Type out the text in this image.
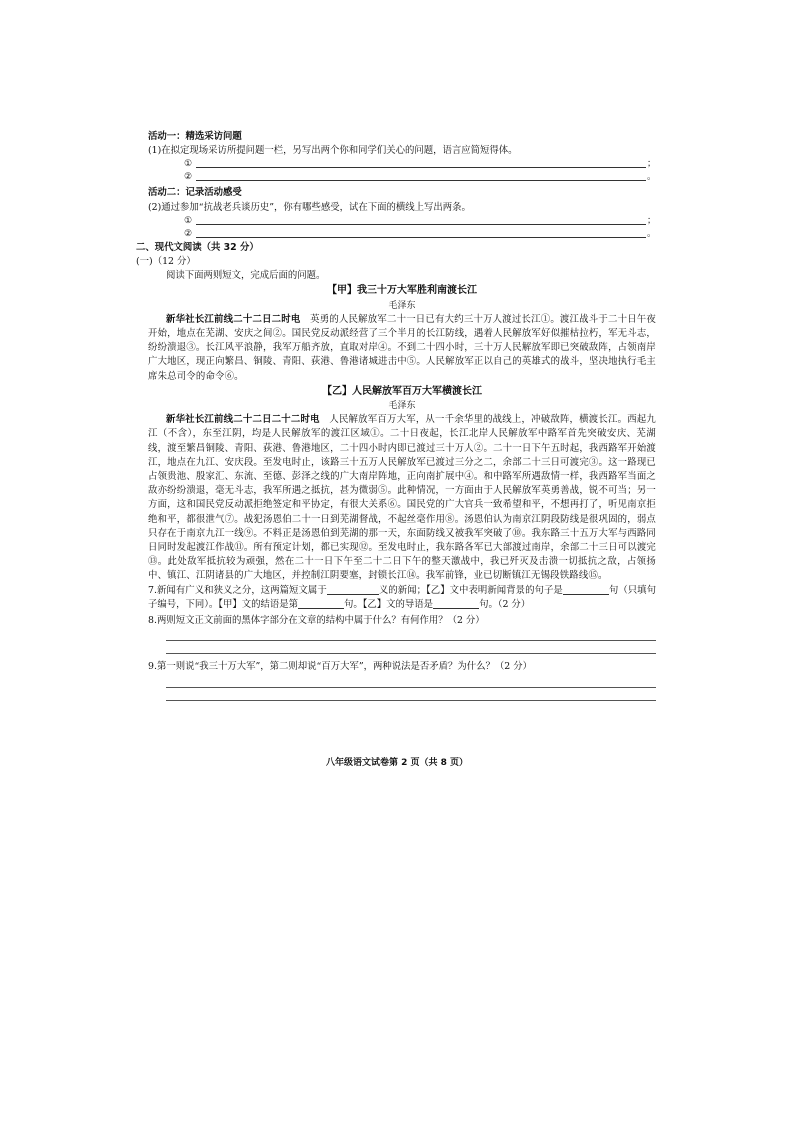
活动一：精选采访问题
(1)在拟定现场采访所提问题一栏，另写出两个你和同学们关心的问题，语言应简短得体。
①	；
②	。
活动二：记录活动感受
(2)通过参加“抗战老兵谈历史”，你有哪些感受，试在下面的横线上写出两条。
①	；
②	。
二、现代文阅读（共 32 分）
(一)（12 分）
阅读下面两则短文，完成后面的问题。
【甲】我三十万大军胜利南渡长江
毛泽东
新华社长江前线二十二日二时电　 英勇的人民解放军二十一日已有大约三十万人渡过长江①。渡江战斗于二十日午夜开始，地点在芜湖、安庆之间②。国民党反动派经营了三个半月的长江防线，遇着人民解放军好似摧枯拉朽，军无斗志，纷纷溃退③。长江风平浪静，我军万船齐放，直取对岸④。不到二十四小时，三十万人民解放军即已突破敌阵，占领南岸广大地区，现正向繁昌、铜陵、青阳、荻港、鲁港诸城进击中⑤。人民解放军正以自己的英雄式的战斗，坚决地执行毛主席朱总司令的命令⑥。
【乙】人民解放军百万大军横渡长江
毛泽东
新华社长江前线二十二日二十二时电　 人民解放军百万大军，从一千余华里的战线上，冲破敌阵，横渡长江。西起九江（不含），东至江阴，均是人民解放军的渡江区域①。二十日夜起，长江北岸人民解放军中路军首先突破安庆、芜湖线，渡至繁昌铜陵、青阳、荻港、鲁港地区，二十四小时内即已渡过三十万人②。二十一日下午五时起，我西路军开始渡江，地点在九江、安庆段。至发电时止，该路三十五万人民解放军已渡过三分之二，余部二十三日可渡完③。这一路现已占领贵池、殷家汇、东流、至德、彭泽之线的广大南岸阵地，正向南扩展中④。和中路军所遇敌情一样，我西路军当面之敌亦纷纷溃退，毫无斗志，我军所遇之抵抗，甚为微弱⑤。此种情况，一方面由于人民解放军英勇善战，锐不可当；另一方面，这和国民党反动派拒绝签定和平协定，有很大关系⑥。国民党的广大官兵一致希望和平，不想再打了，听见南京拒绝和平，都很泄气⑦。战犯汤恩伯二十一日到芜湖督战，不起丝毫作用⑧。汤恩伯认为南京江阴段防线是很巩固的，弱点只存在于南京九江一线⑨。不料正是汤恩伯到芜湖的那一天，东面防线又被我军突破了⑩。我东路三十五万大军与西路同日同时发起渡江作战⑪。所有预定计划，都已实现⑫。至发电时止，我东路各军已大部渡过南岸，余部二十三日可以渡完⑬。此处敌军抵抗较为顽强，然在二十一日下午至二十二日下午的整天激战中，我已歼灭及击溃一切抵抗之敌，占领扬中、镇江、江阴诸县的广大地区，并控制江阴要塞，封锁长江⑭。我军前锋，业已切断镇江无锡段铁路线⑮。
7.新闻有广义和狭义之分，这两篇短文属于	义的新闻；【乙】文中表明新闻背景的句子是	句（只填句子编号，下同）。【甲】文的结语是第	句。【乙】文的导语是	句。（2 分）
8.两则短文正文前面的黑体字部分在文章的结构中属于什么？有何作用？（2 分）
9.第一则说“我三十万大军”，第二则却说“百万大军”，两种说法是否矛盾？为什么？（2 分）
八年级语文试卷第 2 页（共 8 页）
